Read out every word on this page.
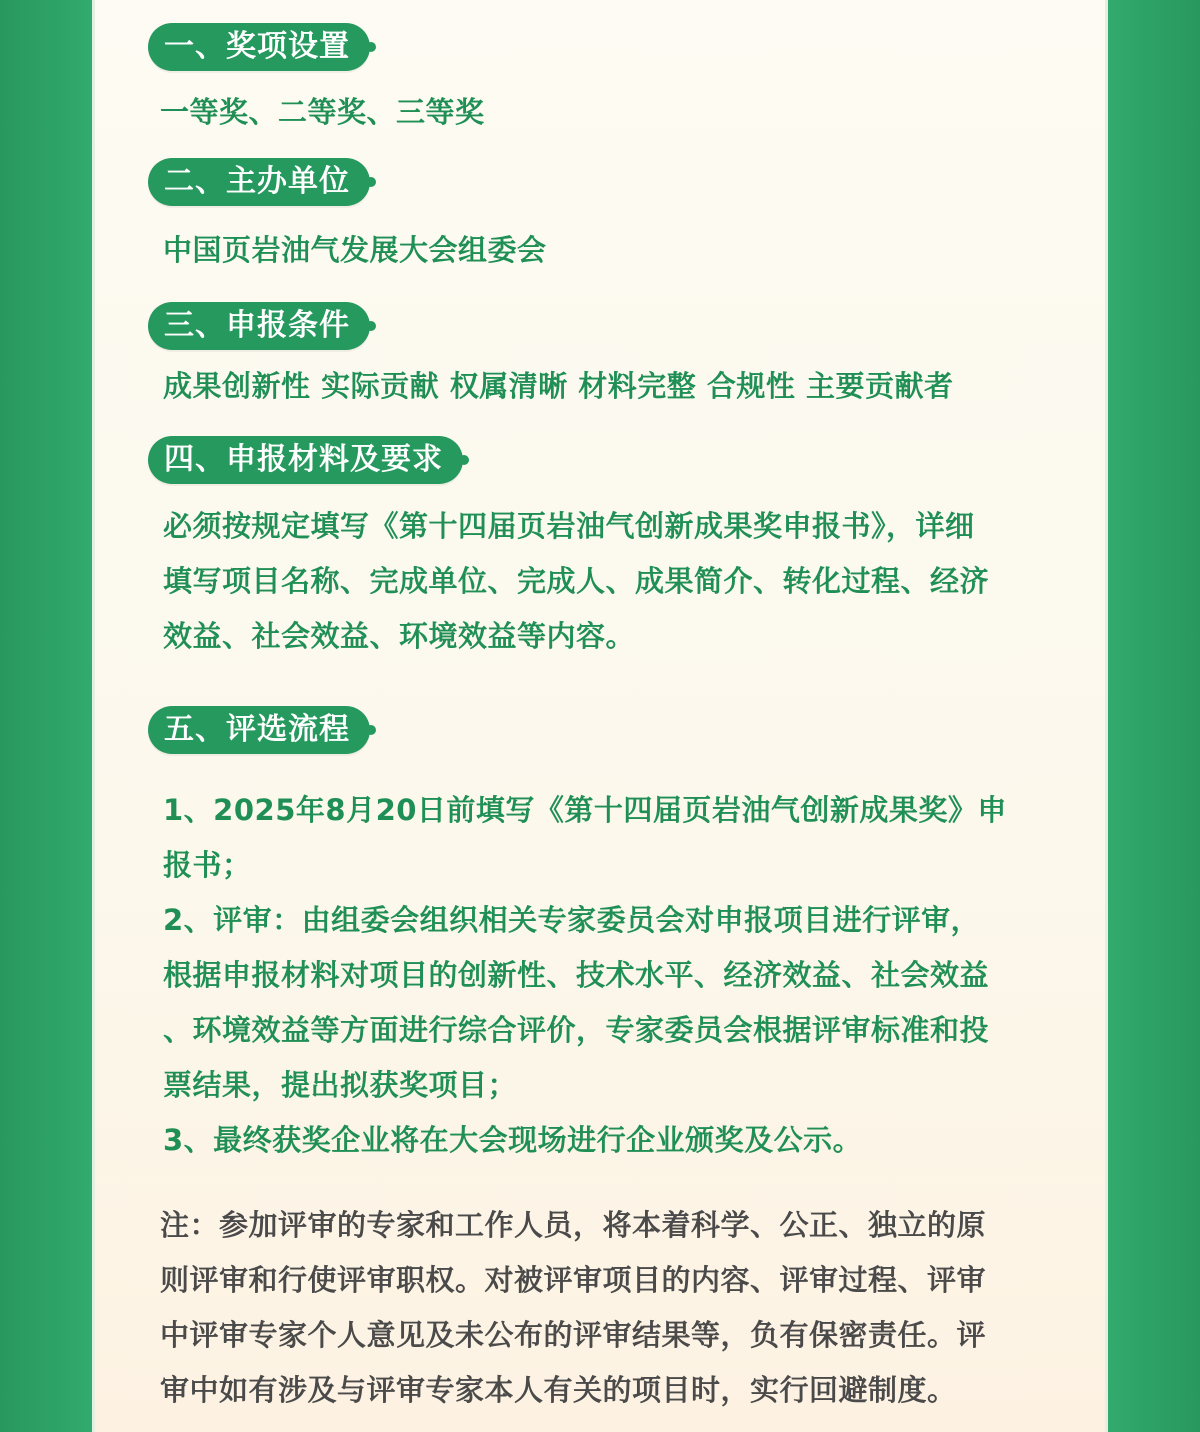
一、奖项设置
一等奖、二等奖、三等奖
二、主办单位
中国页岩油气发展大会组委会
三、申报条件
成果创新性 实际贡献 权属清晰 材料完整 合规性 主要贡献者
四、申报材料及要求
必须按规定填写《第十四届页岩油气创新成果奖申报书》，详细
填写项目名称、完成单位、完成人、成果简介、转化过程、经济
效益、社会效益、环境效益等内容。
五、评选流程
1、2025年8月20日前填写《第十四届页岩油气创新成果奖》申
报书；
2、评审：由组委会组织相关专家委员会对申报项目进行评审，
根据申报材料对项目的创新性、技术水平、经济效益、社会效益
、环境效益等方面进行综合评价，专家委员会根据评审标准和投
票结果，提出拟获奖项目；
3、最终获奖企业将在大会现场进行企业颁奖及公示。
注：参加评审的专家和工作人员，将本着科学、公正、独立的原
则评审和行使评审职权。对被评审项目的内容、评审过程、评审
中评审专家个人意见及未公布的评审结果等，负有保密责任。评
审中如有涉及与评审专家本人有关的项目时，实行回避制度。
